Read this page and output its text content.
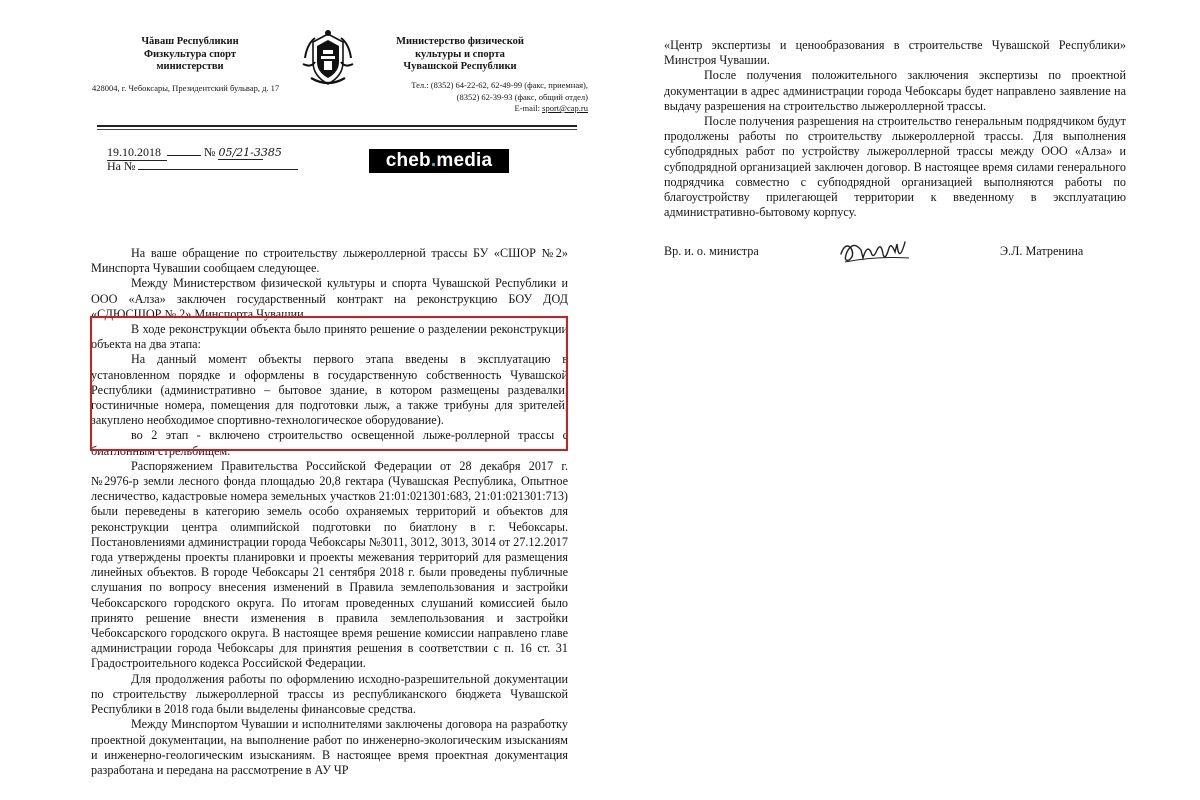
Чăваш Республикин
Физкультура спорт
министерстви
428004, г. Чебоксары, Президентский бульвар, д. 17
Министерство физической
культуры и спорта
Чувашской Республики
Тел.: (8352) 64-22-62, 62-49-99 (факс, приемная),
(8352) 62-39-93 (факс, общий отдел)
E-mail: sport@cap.ru
19.10.2018	№ 05/21-3385
На №	cheb.media

На ваше обращение по строительству лыжероллерной трассы БУ «СШОР №2» Минспорта Чувашии сообщаем следующее.

Между Министерством физической культуры и спорта Чувашской Республики и ООО «Алза» заключен государственный контракт на реконструкцию БОУ ДОД «СДЮСШОР № 2» Минспорта Чувашии.

В ходе реконструкции объекта было принято решение о разделении реконструкции объекта на два этапа:

На данный момент объекты первого этапа введены в эксплуатацию в установленном порядке и оформлены в государственную собственность Чувашской Республики (административно – бытовое здание, в котором размещены раздевалки, гостиничные номера, помещения для подготовки лыж, а также трибуны для зрителей, закуплено необходимое спортивно-технологическое оборудование).

во 2 этап - включено строительство освещенной лыже-роллерной трассы с биатлонным стрельбищем.

Распоряжением Правительства Российской Федерации от 28 декабря 2017 г. №2976-р земли лесного фонда площадью 20,8 гектара (Чувашская Республика, Опытное лесничество, кадастровые номера земельных участков 21:01:021301:683, 21:01:021301:713) были переведены в категорию земель особо охраняемых территорий и объектов для реконструкции центра олимпийской подготовки по биатлону в г. Чебоксары. Постановлениями администрации города Чебоксары №3011, 3012, 3013, 3014 от 27.12.2017 года утверждены проекты планировки и проекты межевания территорий для размещения линейных объектов. В городе Чебоксары 21 сентября 2018 г. были проведены публичные слушания по вопросу внесения изменений в Правила землепользования и застройки Чебоксарского городского округа. По итогам проведенных слушаний комиссией было принято решение внести изменения в правила землепользования и застройки Чебоксарского городского округа. В настоящее время решение комиссии направлено главе администрации города Чебоксары для принятия решения в соответствии с п. 16 ст. 31 Градостроительного кодекса Российской Федерации.

Для продолжения работы по оформлению исходно-разрешительной документации по строительству лыжероллерной трассы из республиканского бюджета Чувашской Республики в 2018 года были выделены финансовые средства.

Между Минспортом Чувашии и исполнителями заключены договора на разработку проектной документации, на выполнение работ по инженерно-экологическим изысканиям и инженерно-геологическим изысканиям. В настоящее время проектная документация разработана и передана на рассмотрение в АУ ЧР

«Центр экспертизы и ценообразования в строительстве Чувашской Республики» Минстроя Чувашии.

После получения положительного заключения экспертизы по проектной документации в адрес администрации города Чебоксары будет направлено заявление на выдачу разрешения на строительство лыжероллерной трассы.

После получения разрешения на строительство генеральным подрядчиком будут продолжены работы по строительству лыжероллерной трассы. Для выполнения субподрядных работ по устройству лыжероллерной трассы между ООО «Алза» и субподрядной организацией заключен договор. В настоящее время силами генерального подрядчика совместно с субподрядной организацией выполняются работы по благоустройству прилегающей территории к введенному в эксплуатацию административно-бытовому корпусу.

Вр. и. о. министра	Э.Л. Матренина
